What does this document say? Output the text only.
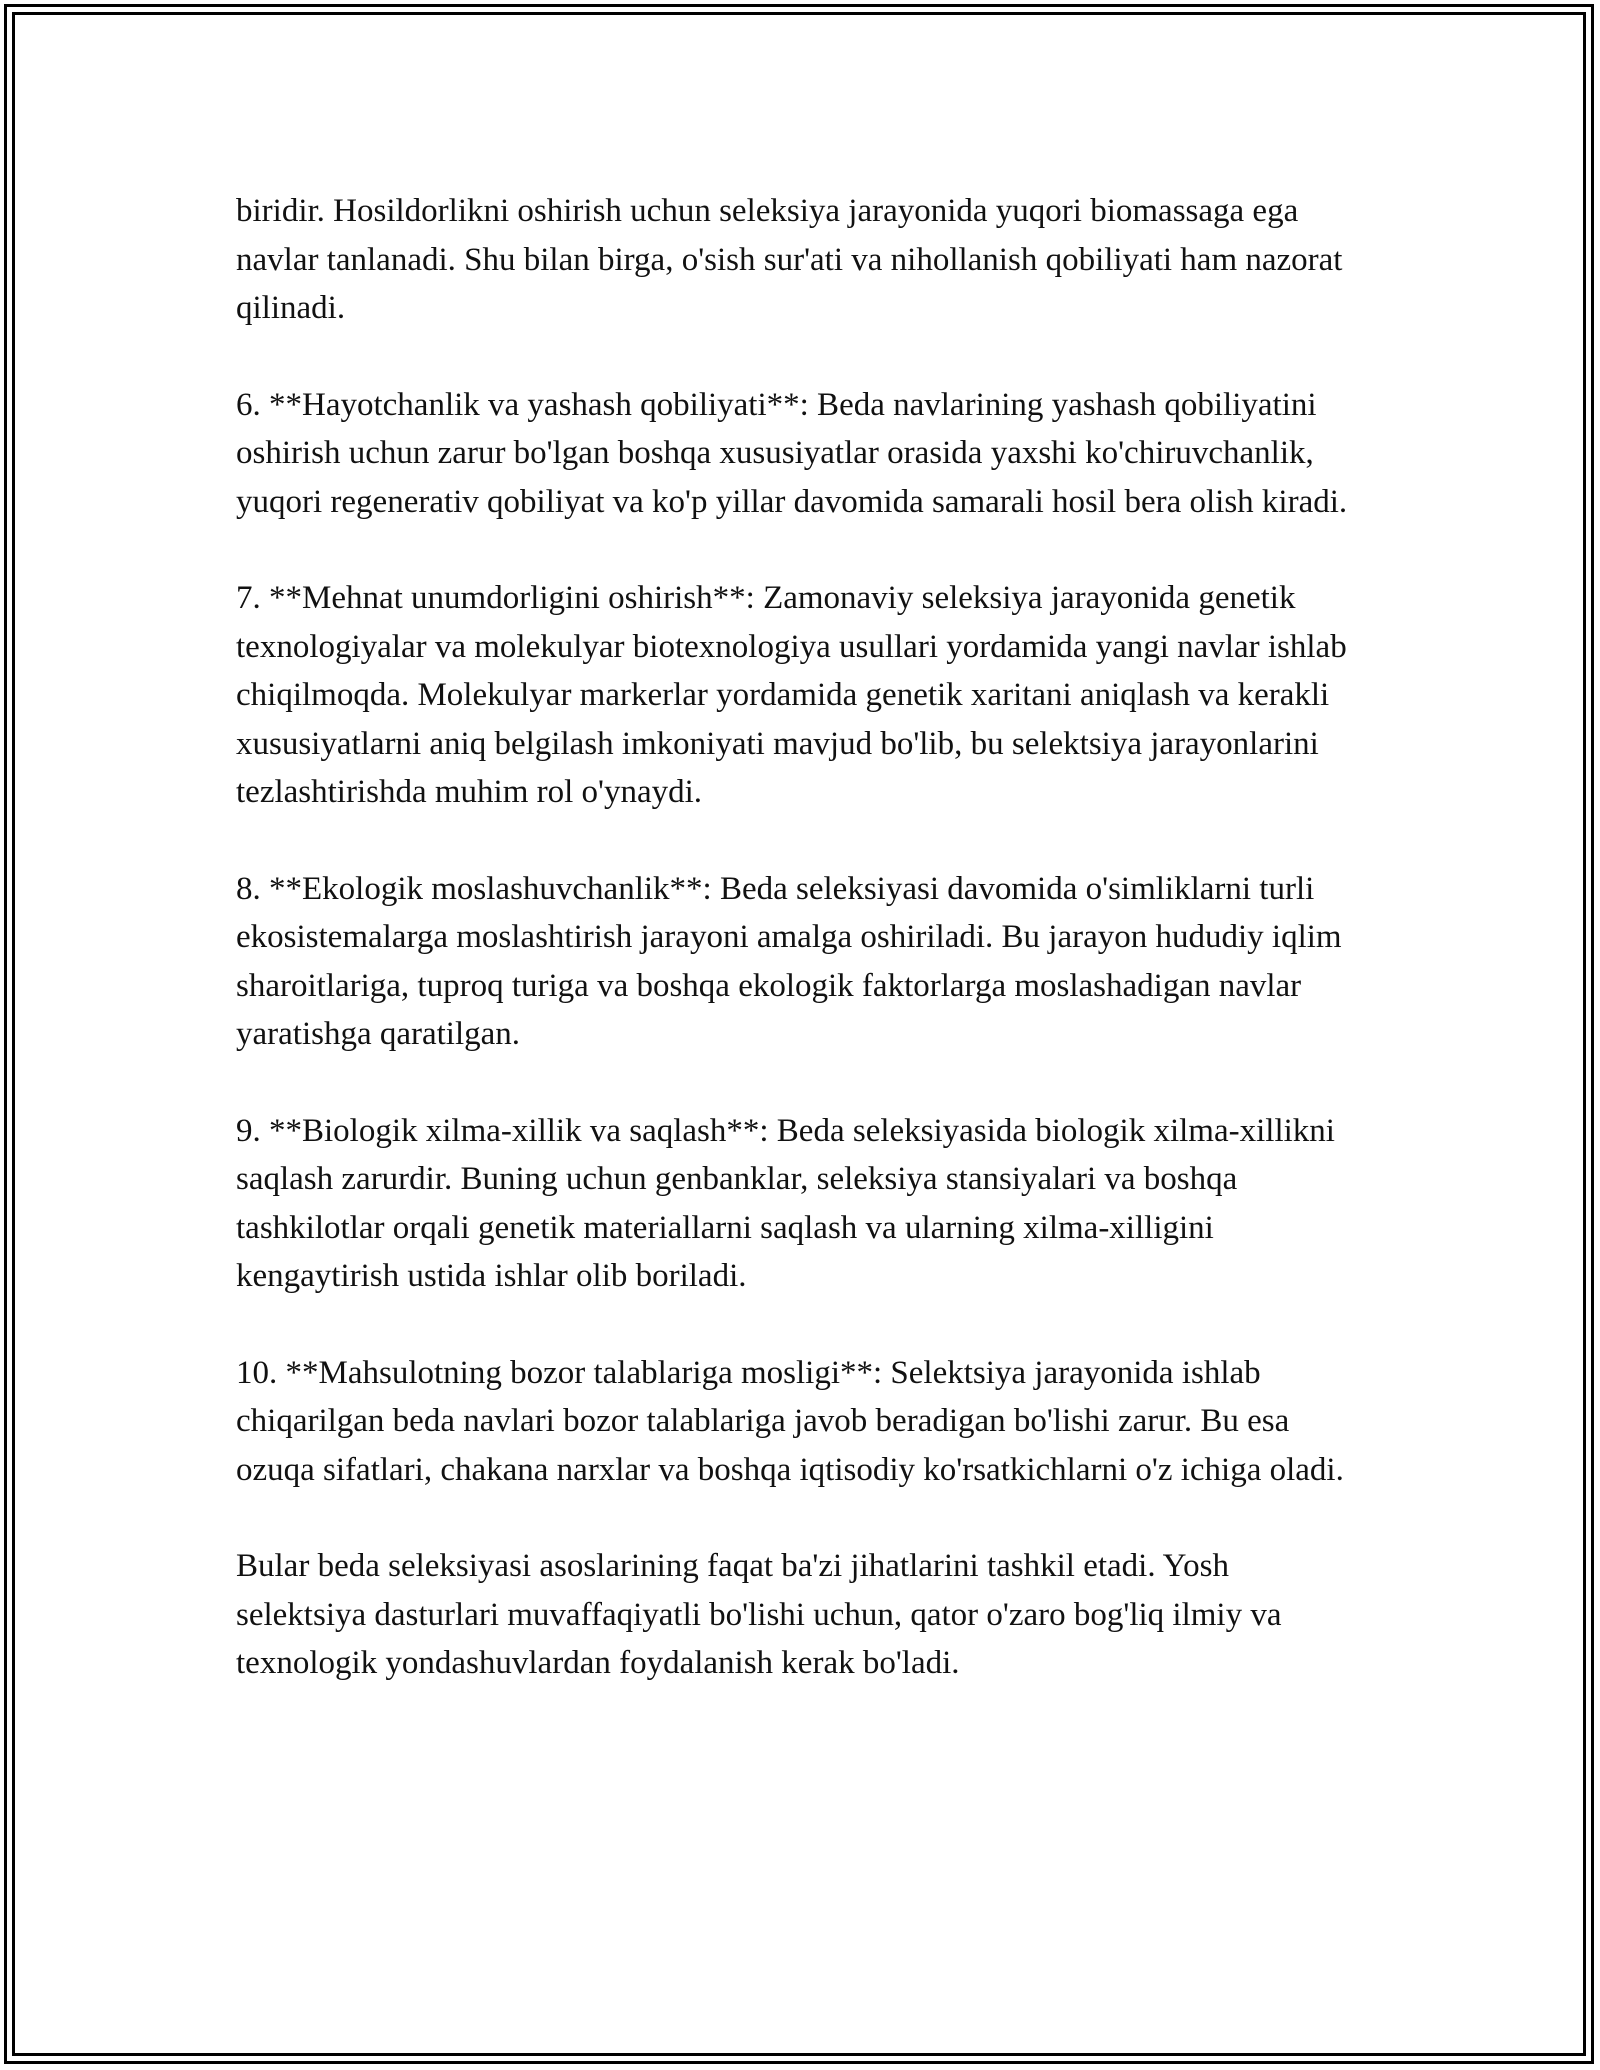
biridir. Hosildorlikni oshirish uchun seleksiya jarayonida yuqori biomassaga ega navlar tanlanadi. Shu bilan birga, o'sish sur'ati va nihollanish qobiliyati ham nazorat qilinadi.

6. **Hayotchanlik va yashash qobiliyati**: Beda navlarining yashash qobiliyatini oshirish uchun zarur bo'lgan boshqa xususiyatlar orasida yaxshi ko'chiruvchanlik, yuqori regenerativ qobiliyat va ko'p yillar davomida samarali hosil bera olish kiradi.

7. **Mehnat unumdorligini oshirish**: Zamonaviy seleksiya jarayonida genetik texnologiyalar va molekulyar biotexnologiya usullari yordamida yangi navlar ishlab chiqilmoqda. Molekulyar markerlar yordamida genetik xaritani aniqlash va kerakli xususiyatlarni aniq belgilash imkoniyati mavjud bo'lib, bu selektsiya jarayonlarini tezlashtirishda muhim rol o'ynaydi.

8. **Ekologik moslashuvchanlik**: Beda seleksiyasi davomida o'simliklarni turli ekosistemalarga moslashtirish jarayoni amalga oshiriladi. Bu jarayon hududiy iqlim sharoitlariga, tuproq turiga va boshqa ekologik faktorlarga moslashadigan navlar yaratishga qaratilgan.

9. **Biologik xilma-xillik va saqlash**: Beda seleksiyasida biologik xilma-xillikni saqlash zarurdir. Buning uchun genbanklar, seleksiya stansiyalari va boshqa tashkilotlar orqali genetik materiallarni saqlash va ularning xilma-xilligini kengaytirish ustida ishlar olib boriladi.

10. **Mahsulotning bozor talablariga mosligi**: Selektsiya jarayonida ishlab chiqarilgan beda navlari bozor talablariga javob beradigan bo'lishi zarur. Bu esa ozuqa sifatlari, chakana narxlar va boshqa iqtisodiy ko'rsatkichlarni o'z ichiga oladi.

Bular beda seleksiyasi asoslarining faqat ba'zi jihatlarini tashkil etadi. Yosh selektsiya dasturlari muvaffaqiyatli bo'lishi uchun, qator o'zaro bog'liq ilmiy va texnologik yondashuvlardan foydalanish kerak bo'ladi.
